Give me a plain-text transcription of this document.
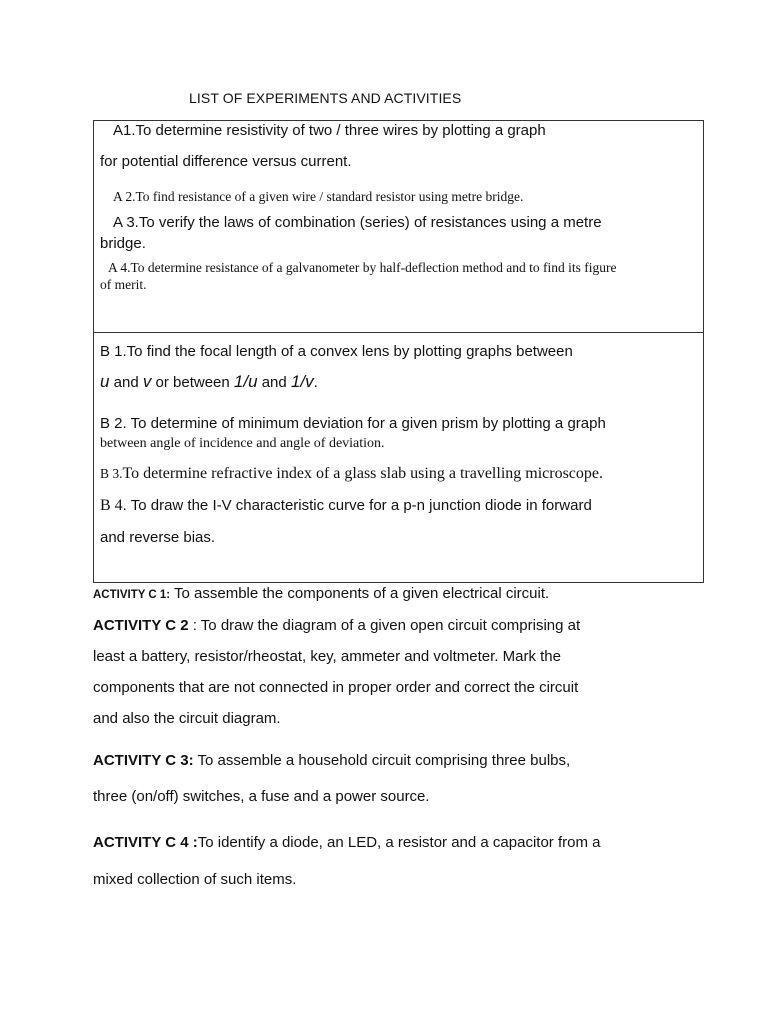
LIST OF EXPERIMENTS AND ACTIVITIES
A1.To determine resistivity of two / three wires by plotting a graph
for potential difference versus current.
A 2.To find resistance of a given wire / standard resistor using metre bridge.
A 3.To verify the laws of combination (series) of resistances using a metre
bridge.
A 4.To determine resistance of a galvanometer by half-deflection method and to find its figure
of merit.
B 1.To find the focal length of a convex lens by plotting graphs between
u and v or between 1/u and 1/v.
B 2. To determine of minimum deviation for a given prism by plotting a graph
between angle of incidence and angle of deviation.
B 3.To determine refractive index of a glass slab using a travelling microscope.
B 4. To draw the I-V characteristic curve for a p-n junction diode in forward
and reverse bias.
ACTIVITY C 1: To assemble the components of a given electrical circuit.
ACTIVITY C 2 : To draw the diagram of a given open circuit comprising at
least a battery, resistor/rheostat, key, ammeter and voltmeter. Mark the
components that are not connected in proper order and correct the circuit
and also the circuit diagram.
ACTIVITY C 3: To assemble a household circuit comprising three bulbs,
three (on/off) switches, a fuse and a power source.
ACTIVITY C 4 :To identify a diode, an LED, a resistor and a capacitor from a
mixed collection of such items.
